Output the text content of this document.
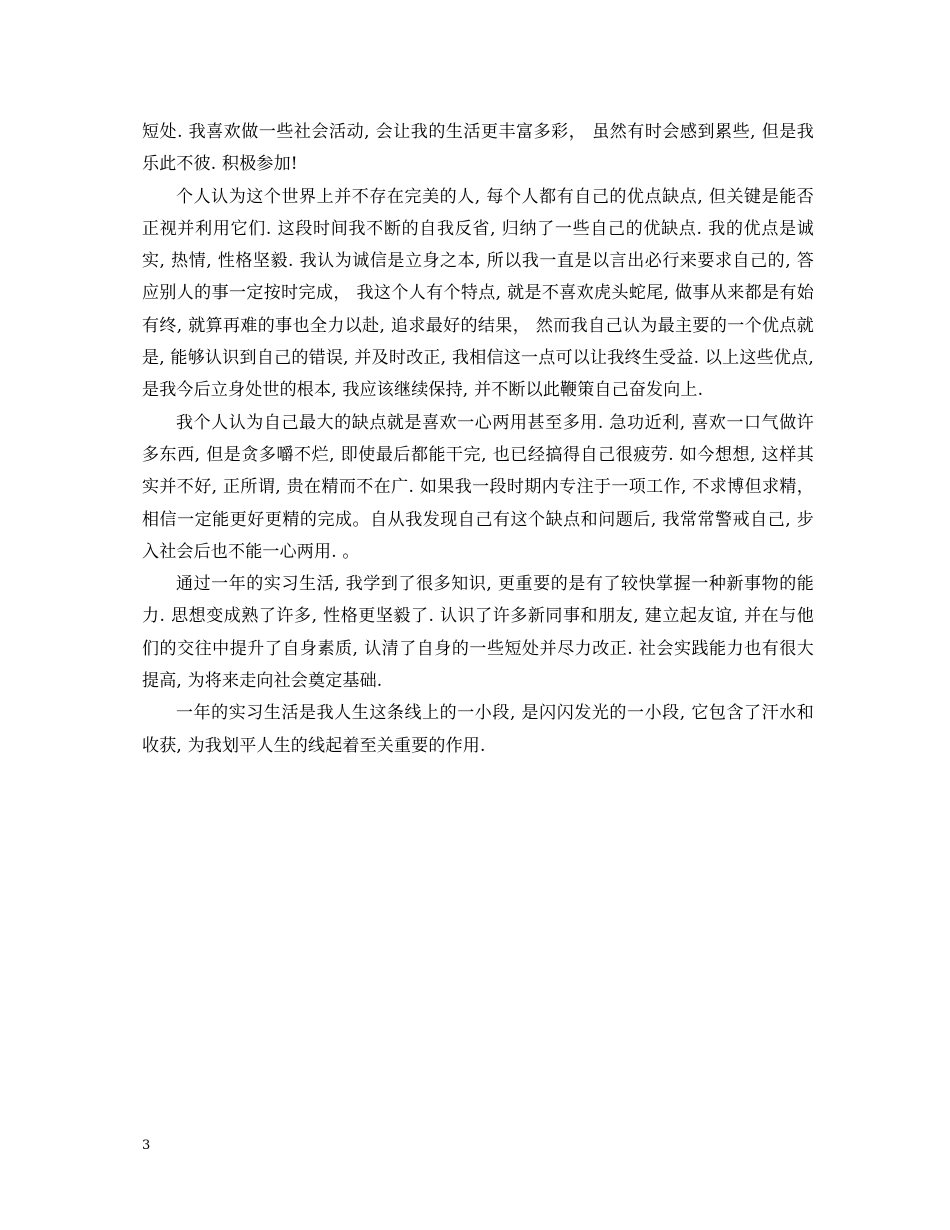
短处. 我喜欢做一些社会活动, 会让我的生活更丰富多彩， 虽然有时会感到累些, 但是我乐此不彼. 积极参加!

个人认为这个世界上并不存在完美的人, 每个人都有自己的优点缺点, 但关键是能否正视并利用它们. 这段时间我不断的自我反省, 归纳了一些自己的优缺点. 我的优点是诚实, 热情, 性格坚毅. 我认为诚信是立身之本, 所以我一直是以言出必行来要求自己的, 答应别人的事一定按时完成， 我这个人有个特点, 就是不喜欢虎头蛇尾, 做事从来都是有始有终, 就算再难的事也全力以赴, 追求最好的结果， 然而我自己认为最主要的一个优点就是, 能够认识到自己的错误, 并及时改正, 我相信这一点可以让我终生受益. 以上这些优点, 是我今后立身处世的根本, 我应该继续保持, 并不断以此鞭策自己奋发向上.

我个人认为自己最大的缺点就是喜欢一心两用甚至多用. 急功近利, 喜欢一口气做许多东西, 但是贪多嚼不烂, 即使最后都能干完, 也已经搞得自己很疲劳. 如今想想, 这样其实并不好, 正所谓, 贵在精而不在广. 如果我一段时期内专注于一项工作, 不求博但求精， 相信一定能更好更精的完成。自从我发现自己有这个缺点和问题后, 我常常警戒自己, 步入社会后也不能一心两用. 。

通过一年的实习生活, 我学到了很多知识, 更重要的是有了较快掌握一种新事物的能力. 思想变成熟了许多, 性格更坚毅了. 认识了许多新同事和朋友, 建立起友谊, 并在与他们的交往中提升了自身素质, 认清了自身的一些短处并尽力改正. 社会实践能力也有很大提高, 为将来走向社会奠定基础.

一年的实习生活是我人生这条线上的一小段, 是闪闪发光的一小段, 它包含了汗水和收获, 为我划平人生的线起着至关重要的作用.

3
